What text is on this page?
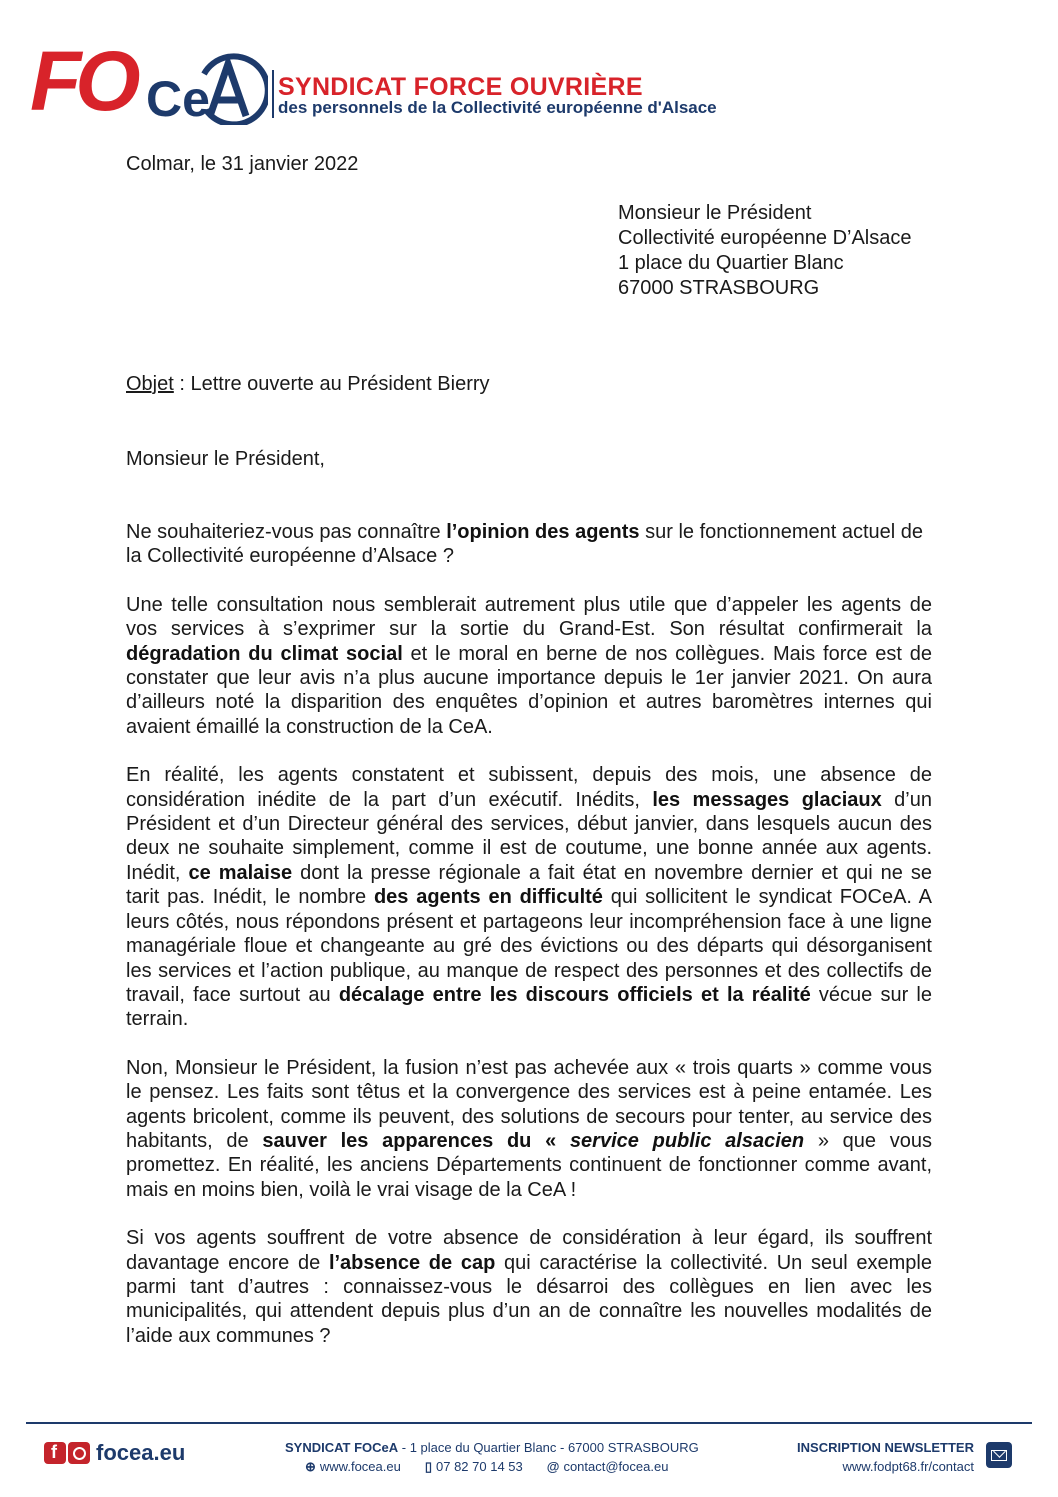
FO Ce	SYNDICAT FORCE OUVRIÈRE
des personnels de la Collectivité européenne d'Alsace
Colmar, le 31 janvier 2022
Monsieur le Président
Collectivité européenne D’Alsace
1 place du Quartier Blanc
67000 STRASBOURG
Objet : Lettre ouverte au Président Bierry
Monsieur le Président,

Ne souhaiteriez-vous pas connaître l’opinion des agents sur le fonctionnement actuel de la Collectivité européenne d’Alsace ?

Une telle consultation nous semblerait autrement plus utile que d’appeler les agents de vos services à s’exprimer sur la sortie du Grand-Est. Son résultat confirmerait la dégradation du climat social et le moral en berne de nos collègues. Mais force est de constater que leur avis n’a plus aucune importance depuis le 1er janvier 2021. On aura d’ailleurs noté la disparition des enquêtes d’opinion et autres baromètres internes qui avaient émaillé la construction de la CeA.

En réalité, les agents constatent et subissent, depuis des mois, une absence de considération inédite de la part d’un exécutif. Inédits, les messages glaciaux d’un Président et d’un Directeur général des services, début janvier, dans lesquels aucun des deux ne souhaite simplement, comme il est de coutume, une bonne année aux agents. Inédit, ce malaise dont la presse régionale a fait état en novembre dernier et qui ne se tarit pas. Inédit, le nombre des agents en difficulté qui sollicitent le syndicat FOCeA. A leurs côtés, nous répondons présent et partageons leur incompréhension face à une ligne managériale floue et changeante au gré des évictions ou des départs qui désorganisent les services et l’action publique, au manque de respect des personnes et des collectifs de travail, face surtout au décalage entre les discours officiels et la réalité vécue sur le terrain.

Non, Monsieur le Président, la fusion n’est pas achevée aux « trois quarts » comme vous le pensez. Les faits sont têtus et la convergence des services est à peine entamée. Les agents bricolent, comme ils peuvent, des solutions de secours pour tenter, au service des habitants, de sauver les apparences du « service public alsacien » que vous promettez. En réalité, les anciens Départements continuent de fonctionner comme avant, mais en moins bien, voilà le vrai visage de la CeA !

Si vos agents souffrent de votre absence de considération à leur égard, ils souffrent davantage encore de l’absence de cap qui caractérise la collectivité. Un seul exemple parmi tant d’autres : connaissez-vous le désarroi des collègues en lien avec les municipalités, qui attendent depuis plus d’un an de connaître les nouvelles modalités de l’aide aux communes ?

f
focea.eu	SYNDICAT FOCeA - 1 place du Quartier Blanc - 67000 STRASBOURG
⊕ www.focea.eu ▯ 07 82 70 14 53 @ contact@focea.eu
INSCRIPTION NEWSLETTER
www.fodpt68.fr/contact
